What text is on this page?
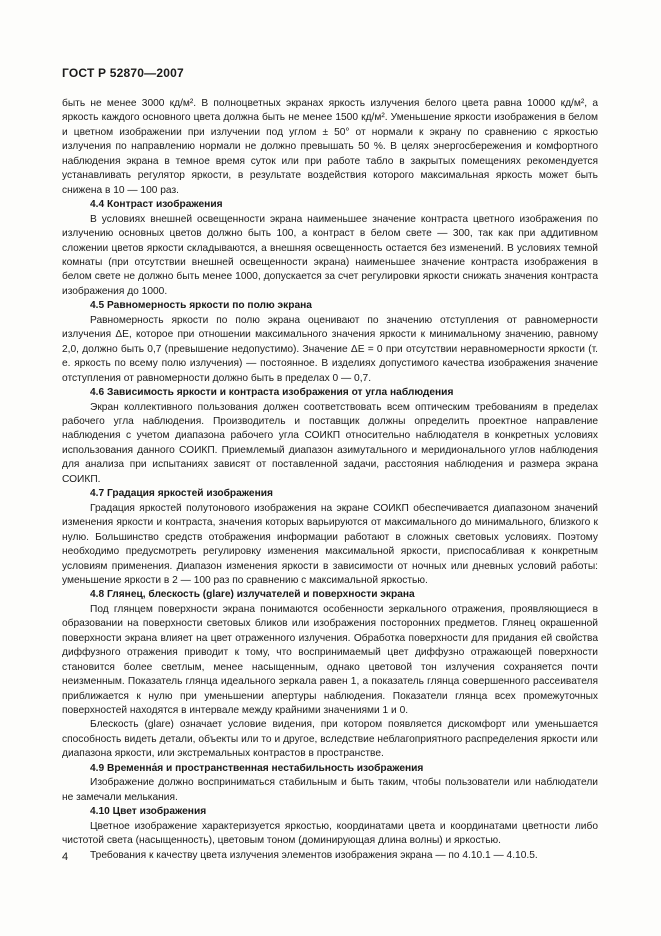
ГОСТ Р 52870—2007

быть не менее 3000 кд/м². В полноцветных экранах яркость излучения белого цвета равна 10000 кд/м², а яркость каждого основного цвета должна быть не менее 1500 кд/м². Уменьшение яркости изображения в белом и цветном изображении при излучении под углом ± 50° от нормали к экрану по сравнению с яркостью излучения по направлению нормали не должно превышать 50 %. В целях энергосбережения и комфортного наблюдения экрана в темное время суток или при работе табло в закрытых помещениях рекомендуется устанавливать регулятор яркости, в результате воздействия которого максимальная яркость может быть снижена в 10 — 100 раз.

4.4 Контраст изображения

В условиях внешней освещенности экрана наименьшее значение контраста цветного изображения по излучению основных цветов должно быть 100, а контраст в белом свете — 300, так как при аддитивном сложении цветов яркости складываются, а внешняя освещенность остается без изменений. В условиях темной комнаты (при отсутствии внешней освещенности экрана) наименьшее значение контраста изображения в белом свете не должно быть менее 1000, допускается за счет регулировки яркости снижать значения контраста изображения до 1000.

4.5 Равномерность яркости по полю экрана

Равномерность яркости по полю экрана оценивают по значению отступления от равномерности излучения ΔE, которое при отношении максимального значения яркости к минимальному значению, равному 2,0, должно быть 0,7 (превышение недопустимо). Значение ΔE = 0 при отсутствии неравномерности яркости (т. е. яркость по всему полю излучения) — постоянное. В изделиях допустимого качества изображения значение отступления от равномерности должно быть в пределах 0 — 0,7.

4.6 Зависимость яркости и контраста изображения от угла наблюдения

Экран коллективного пользования должен соответствовать всем оптическим требованиям в пределах рабочего угла наблюдения. Производитель и поставщик должны определить проектное направление наблюдения с учетом диапазона рабочего угла СОИКП относительно наблюдателя в конкретных условиях использования данного СОИКП. Приемлемый диапазон азимутального и меридионального углов наблюдения для анализа при испытаниях зависят от поставленной задачи, расстояния наблюдения и размера экрана СОИКП.

4.7 Градация яркостей изображения

Градация яркостей полутонового изображения на экране СОИКП обеспечивается диапазоном значений изменения яркости и контраста, значения которых варьируются от максимального до минимального, близкого к нулю. Большинство средств отображения информации работают в сложных световых условиях. Поэтому необходимо предусмотреть регулировку изменения максимальной яркости, приспосабливая к конкретным условиям применения. Диапазон изменения яркости в зависимости от ночных или дневных условий работы: уменьшение яркости в 2 — 100 раз по сравнению с максимальной яркостью.

4.8 Глянец, блескость (glare) излучателей и поверхности экрана

Под глянцем поверхности экрана понимаются особенности зеркального отражения, проявляющиеся в образовании на поверхности световых бликов или изображения посторонних предметов. Глянец окрашенной поверхности экрана влияет на цвет отраженного излучения. Обработка поверхности для придания ей свойства диффузного отражения приводит к тому, что воспринимаемый цвет диффузно отражающей поверхности становится более светлым, менее насыщенным, однако цветовой тон излучения сохраняется почти неизменным. Показатель глянца идеального зеркала равен 1, а показатель глянца совершенного рассеивателя приближается к нулю при уменьшении апертуры наблюдения. Показатели глянца всех промежуточных поверхностей находятся в интервале между крайними значениями 1 и 0.

Блескость (glare) означает условие видения, при котором появляется дискомфорт или уменьшается способность видеть детали, объекты или то и другое, вследствие неблагоприятного распределения яркости или диапазона яркости, или экстремальных контрастов в пространстве.

4.9 Временна́я и пространственная нестабильность изображения

Изображение должно восприниматься стабильным и быть таким, чтобы пользователи или наблюдатели не замечали мелькания.

4.10 Цвет изображения

Цветное изображение характеризуется яркостью, координатами цвета и координатами цветности либо чистотой света (насыщенность), цветовым тоном (доминирующая длина волны) и яркостью.

Требования к качеству цвета излучения элементов изображения экрана — по 4.10.1 — 4.10.5.

4
